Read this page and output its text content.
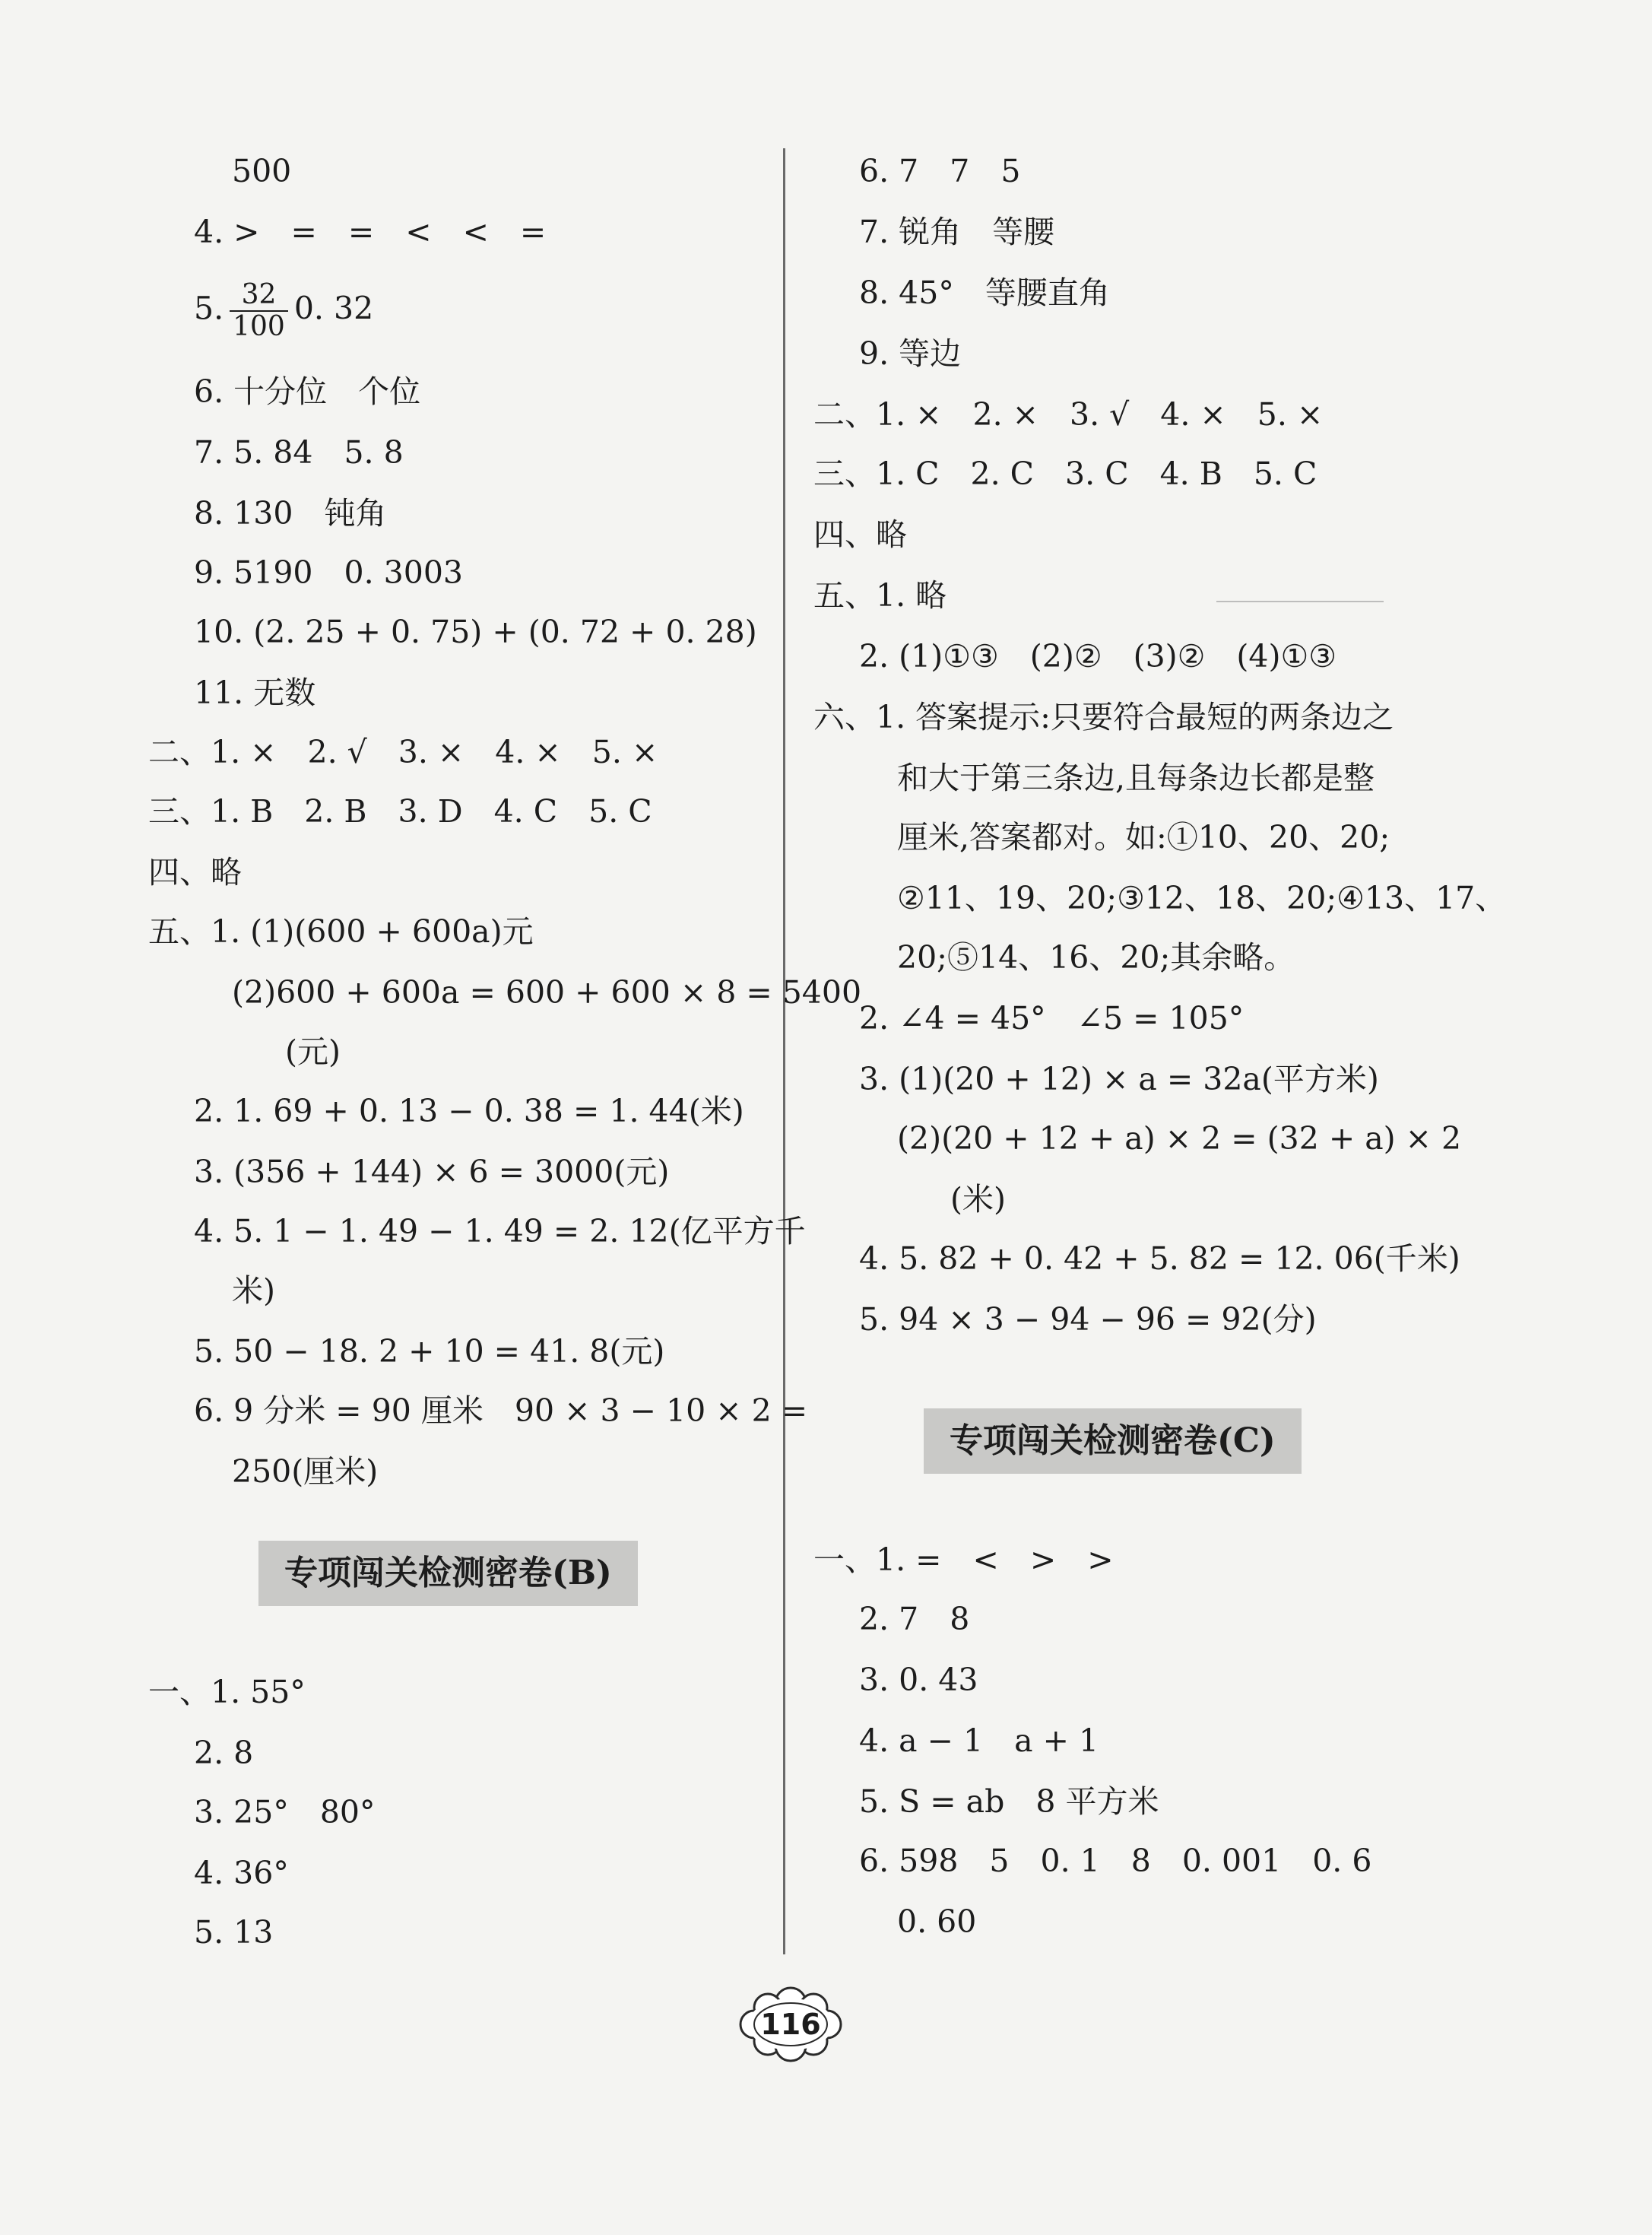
500
4. >　=　=　<　<　=
5. $\frac{32}{100} 0$. 32
6. 十分位　个位
7. 5. 84　5. 8
8. 130　钝角
9. 5190　0. 3003
10. (2. 25 + 0. 75) + (0. 72 + 0. 28)
11. 无数
二、1. ×　2. √　3. ×　4. ×　5. ×
三、1. B　2. B　3. D　4. C　5. C
四、略
五、1. (1)(600 + 600a)元
(2)600 + 600a = 600 + 600 × 8 = 5400
(元)
2. 1. 69 + 0. 13 − 0. 38 = 1. 44(米)
3. (356 + 144) × 6 = 3000(元)
4. 5. 1 − 1. 49 − 1. 49 = 2. 12(亿平方千
米)
5. 50 − 18. 2 + 10 = 41. 8(元)
6. 9 分米 = 90 厘米　90 × 3 − 10 × 2 =
250(厘米)
专项闯关检测密卷(B)
一、1. 55°
2. 8
3. 25°　80°
4. 36°
5. 13
6. 7　7　5
7. 锐角　等腰
8. 45°　等腰直角
9. 等边
二、1. ×　2. ×　3. √　4. ×　5. ×
三、1. C　2. C　3. C　4. B　5. C
四、略
五、1. 略
2. (1)①③　(2)②　(3)②　(4)①③
六、1. 答案提示:只要符合最短的两条边之
和大于第三条边,且每条边长都是整
厘米,答案都对。如:①10、20、20;
②11、19、20;③12、18、20;④13、17、
20;⑤14、16、20;其余略。
2. ∠4 = 45°　∠5 = 105°
3. (1)(20 + 12) × a = 32a(平方米)
(2)(20 + 12 + a) × 2 = (32 + a) × 2
(米)
4. 5. 82 + 0. 42 + 5. 82 = 12. 06(千米)
5. 94 × 3 − 94 − 96 = 92(分)
专项闯关检测密卷(C)
一、1. =　<　>　>
2. 7　8
3. 0. 43
4. a − 1　a + 1
5. S = ab　8 平方米
6. 598　5　0. 1　8　0. 001　0. 6
0. 60
116
